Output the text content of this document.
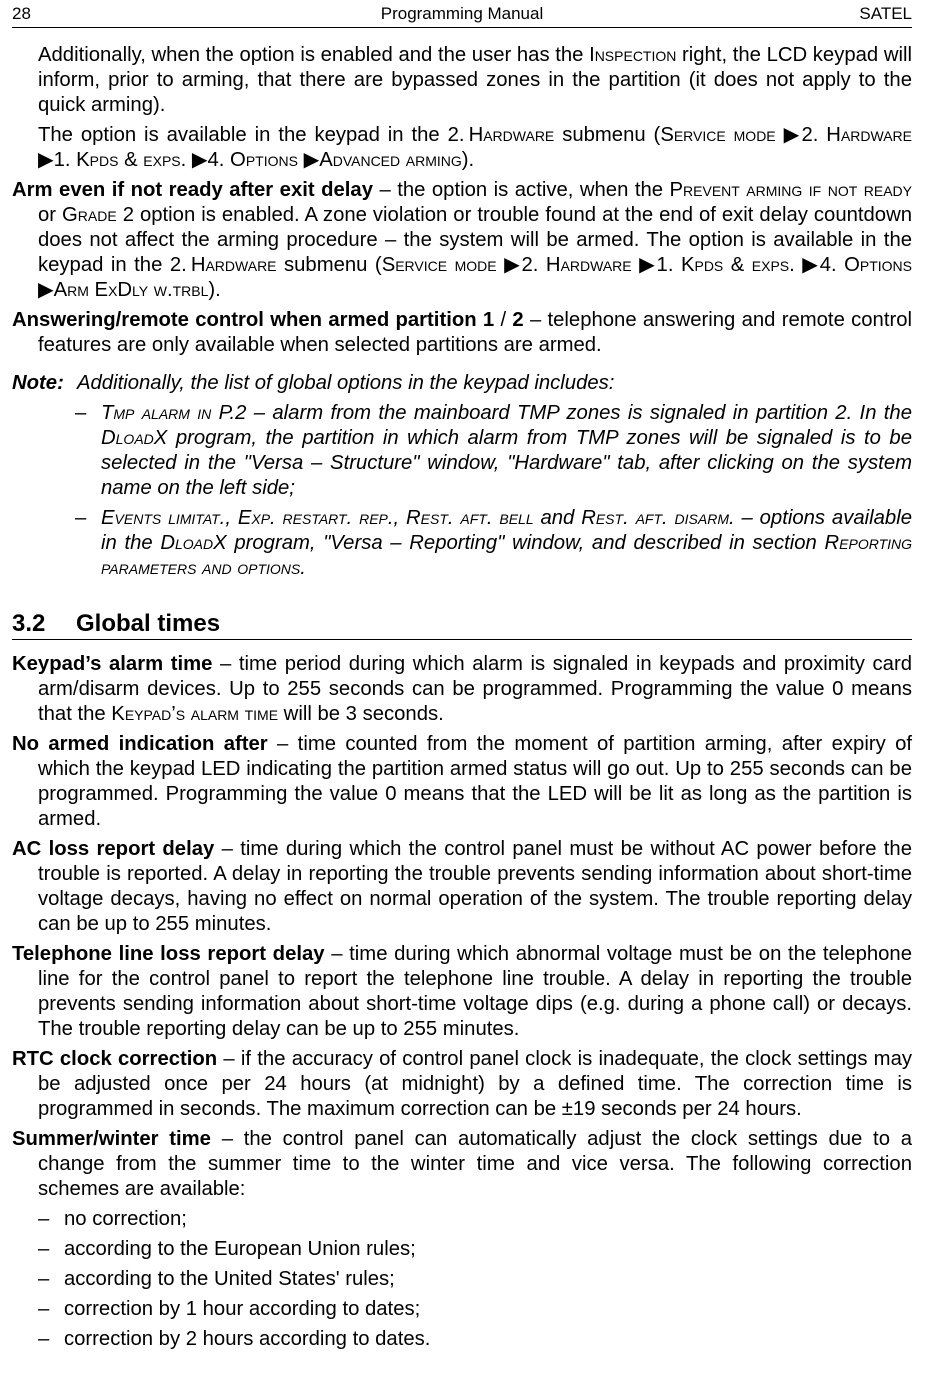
28	Programming Manual	SATEL

Additionally, when the option is enabled and the user has the Inspection right, the LCD keypad will inform, prior to arming, that there are bypassed zones in the partition (it does not apply to the quick arming).

The option is available in the keypad in the 2. Hardware submenu (Service mode ▶2. Hardware ▶1. Kpds & exps. ▶4. Options ▶Advanced arming).

Arm even if not ready after exit delay – the option is active, when the Prevent arming if not ready or Grade 2 option is enabled. A zone violation or trouble found at the end of exit delay countdown does not affect the arming procedure – the system will be armed. The option is available in the keypad in the 2. Hardware submenu (Service mode ▶2. Hardware ▶1. Kpds & exps. ▶4. Options ▶Arm ExDly w.trbl).

Answering/remote control when armed partition 1 / 2 – telephone answering and remote control features are only available when selected partitions are armed.

Note: Additionally, the list of global options in the keypad includes:
– Tmp alarm in P.2 – alarm from the mainboard TMP zones is signaled in partition 2. In the DloadX program, the partition in which alarm from TMP zones will be signaled is to be selected in the "Versa – Structure" window, "Hardware" tab, after clicking on the system name on the left side;
– Events limitat., Exp. restart. rep., Rest. aft. bell and Rest. aft. disarm. – options available in the DloadX program, "Versa – Reporting" window, and described in section Reporting parameters and options.
3.2 Global times

Keypad’s alarm time – time period during which alarm is signaled in keypads and proximity card arm/disarm devices. Up to 255 seconds can be programmed. Programming the value 0 means that the Keypad’s alarm time will be 3 seconds.

No armed indication after – time counted from the moment of partition arming, after expiry of which the keypad LED indicating the partition armed status will go out. Up to 255 seconds can be programmed. Programming the value 0 means that the LED will be lit as long as the partition is armed.

AC loss report delay – time during which the control panel must be without AC power before the trouble is reported. A delay in reporting the trouble prevents sending information about short-time voltage decays, having no effect on normal operation of the system. The trouble reporting delay can be up to 255 minutes.

Telephone line loss report delay – time during which abnormal voltage must be on the telephone line for the control panel to report the telephone line trouble. A delay in reporting the trouble prevents sending information about short-time voltage dips (e.g. during a phone call) or decays. The trouble reporting delay can be up to 255 minutes.

RTC clock correction – if the accuracy of control panel clock is inadequate, the clock settings may be adjusted once per 24 hours (at midnight) by a defined time. The correction time is programmed in seconds. The maximum correction can be ±19 seconds per 24 hours.

Summer/winter time – the control panel can automatically adjust the clock settings due to a change from the summer time to the winter time and vice versa. The following correction schemes are available:

– no correction;
– according to the European Union rules;
– according to the United States' rules;
– correction by 1 hour according to dates;
– correction by 2 hours according to dates.
